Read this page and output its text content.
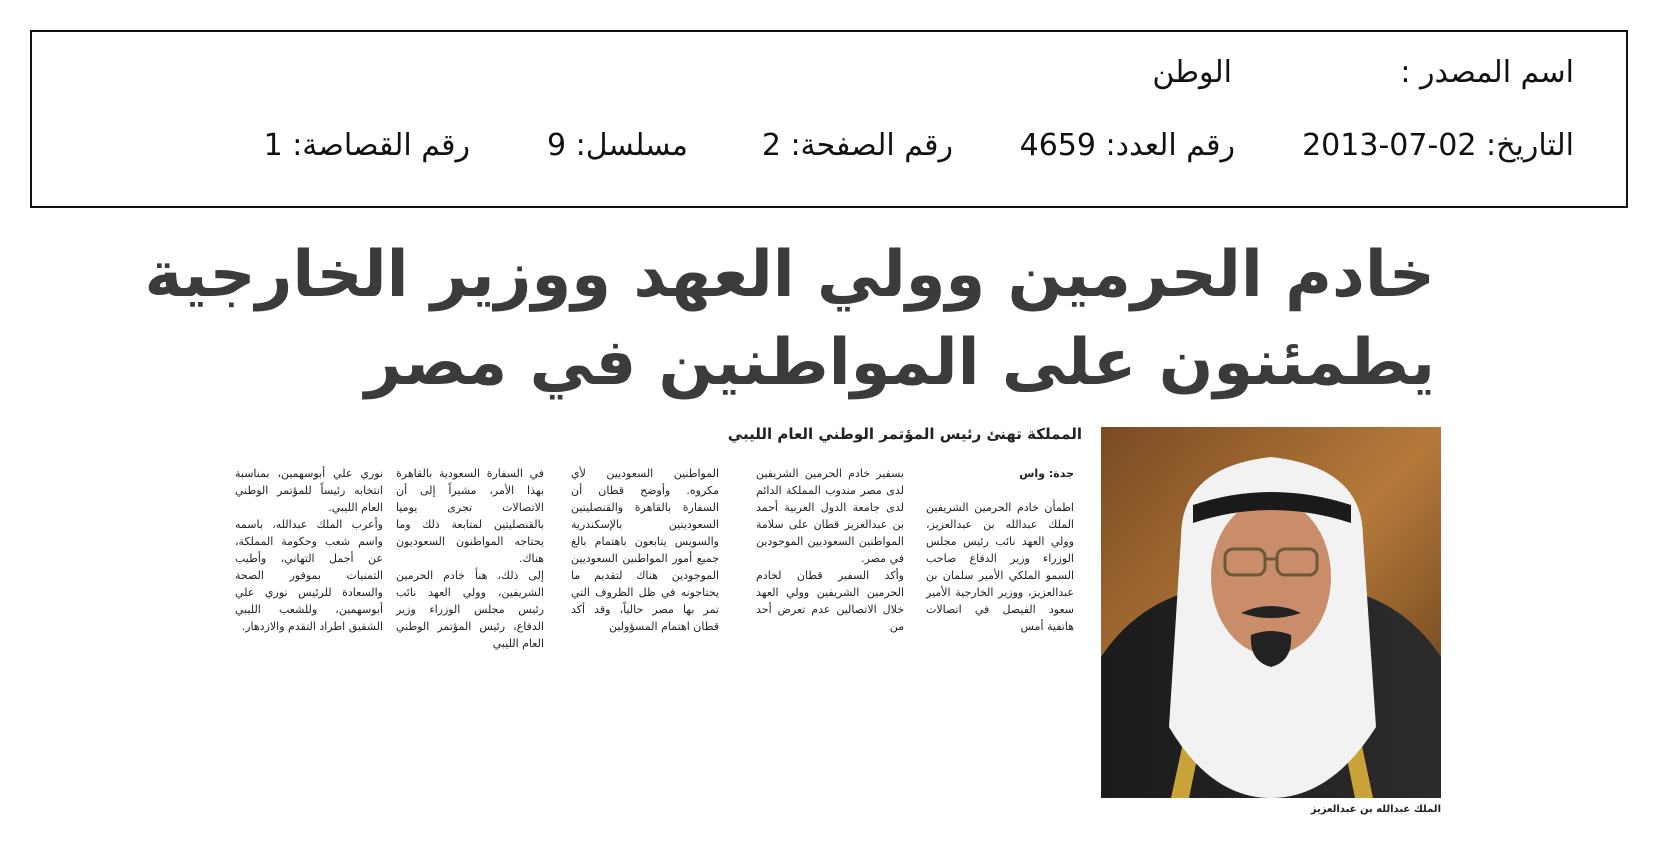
اسم المصدر :
الوطن
التاريخ: 02-07-2013
رقم العدد: 4659
رقم الصفحة: 2
مسلسل: 9
رقم القصاصة: 1
خادم الحرمين وولي العهد ووزير الخارجية
يطمئنون على المواطنين في مصر
المملكة تهنئ رئيس المؤتمر الوطني العام الليبي

جدة: واس

اطمأن خادم الحرمين الشريفين الملك عبدالله بن عبدالعزيز، وولي العهد نائب رئيس مجلس الوزراء وزير الدفاع صاحب السمو الملكي الأمير سلمان بن عبدالعزيز، ووزير الخارجية الأمير سعود الفيصل في اتصالات هاتفية أمس

بسفير خادم الحرمين الشريفين لدى مصر مندوب المملكة الدائم لدى جامعة الدول العربية أحمد بن عبدالعزيز قطان على سلامة المواطنين السعوديين الموجودين في مصر.

وأكد السفير قطان لخادم الحرمين الشريفين وولي العهد خلال الاتصالين عدم تعرض أحد من

المواطنين السعوديين لأي مكروه. وأوضح قطان أن السفارة بالقاهرة والقنصليتين السعوديتين بالإسكندرية والسويس يتابعون باهتمام بالغ جميع أمور المواطنين السعوديين الموجودين هناك لتقديم ما يحتاجونه في ظل الظروف التي تمر بها مصر حالياً، وقد أكد قطان اهتمام المسؤولين

في السفارة السعودية بالقاهرة بهذا الأمر، مشيراً إلى أن الاتصالات تجرى يوميا بالقنصليتين لمتابعة ذلك وما يحتاجه المواطنون السعوديون هناك.

إلى ذلك، هنأ خادم الحرمين الشريفين، وولي العهد نائب رئيس مجلس الوزراء وزير الدفاع، رئيس المؤتمر الوطني العام الليبي

نوري علي أبوسهمين، بمناسبة انتخابه رئيساً للمؤتمر الوطني العام الليبي.

وأعرب الملك عبدالله، باسمه واسم شعب وحكومة المملكة، عن أجمل التهاني، وأطيب التمنيات بموفور الصحة والسعادة للرئيس نوري علي أبوسهمين، وللشعب الليبي الشقيق اطراد التقدم والازدهار.

الملك عبدالله بن عبدالعزيز
